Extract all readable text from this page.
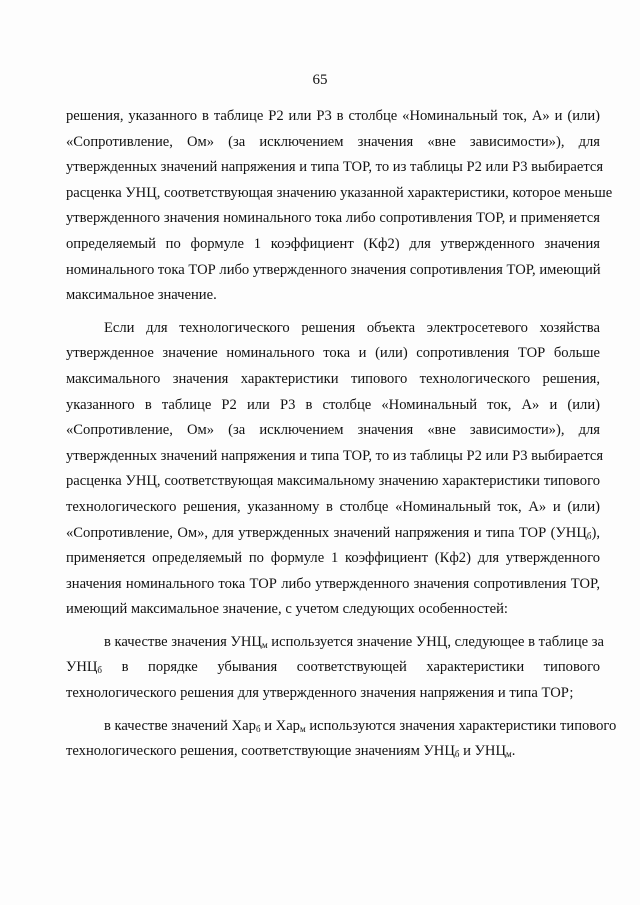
65
решения, указанного в таблице Р2 или Р3 в столбце «Номинальный ток, А» и (или)
«Сопротивление, Ом» (за исключением значения «вне зависимости»), для
утвержденных значений напряжения и типа ТОР, то из таблицы Р2 или Р3 выбирается
расценка УНЦ, соответствующая значению указанной характеристики, которое меньше
утвержденного значения номинального тока либо сопротивления ТОР, и применяется
определяемый по формуле 1 коэффициент (Кф2) для утвержденного значения
номинального тока ТОР либо утвержденного значения сопротивления ТОР, имеющий
максимальное значение.
Если для технологического решения объекта электросетевого хозяйства
утвержденное значение номинального тока и (или) сопротивления ТОР больше
максимального значения характеристики типового технологического решения,
указанного в таблице Р2 или Р3 в столбце «Номинальный ток, А» и (или)
«Сопротивление, Ом» (за исключением значения «вне зависимости»), для
утвержденных значений напряжения и типа ТОР, то из таблицы Р2 или Р3 выбирается
расценка УНЦ, соответствующая максимальному значению характеристики типового
технологического решения, указанному в столбце «Номинальный ток, А» и (или)
«Сопротивление, Ом», для утвержденных значений напряжения и типа ТОР $(УНЦ_б)$,
применяется определяемый по формуле 1 коэффициент (Кф2) для утвержденного
значения номинального тока ТОР либо утвержденного значения сопротивления ТОР,
имеющий максимальное значение, с учетом следующих особенностей:
в качестве значения $УНЦ_м$ используется значение УНЦ, следующее в таблице за
$УНЦ_б$ в порядке убывания соответствующей характеристики типового
технологического решения для утвержденного значения напряжения и типа ТОР;
в качестве значений Хар$_б$ и Хар$_м$ используются значения характеристики типового
технологического решения, соответствующие значениям $УНЦ_б$ и $УНЦ_м$.
